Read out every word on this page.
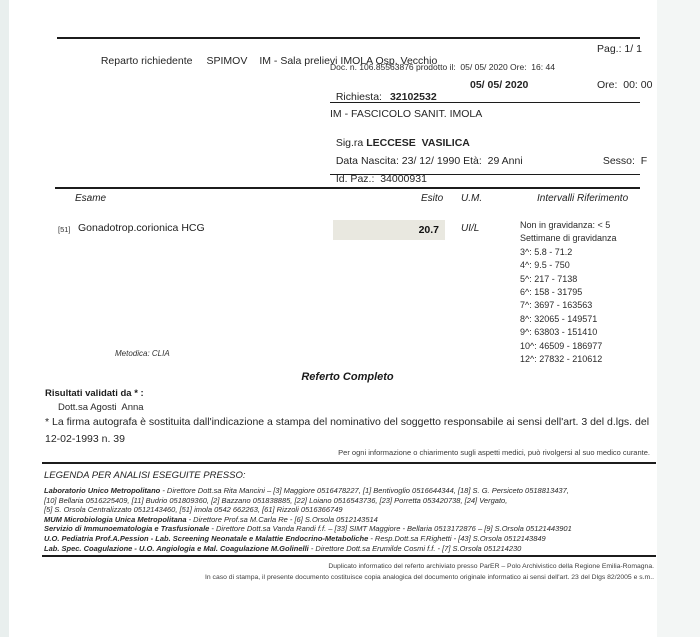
Reparto richiedente SPIMOV IM - Sala prelievi IMOLA Osp. Vecchio

Pag.: 1/ 1
Doc. n. 106.85563876 prodotto il:  05/ 05/ 2020 Ore:  16: 44

Richiesta: 32102532

05/ 05/ 2020	Ore:  00: 00
IM - FASCICOLO SANIT. IMOLA

Sig.ra LECCESE  VASILICA

Data Nascita: 23/ 12/ 1990 Età:  29 Anni	Sesso:  F

Id. Paz.:  34000931

Esame	Esito U.M.	Intervalli Riferimento
[51] Gonadotrop.corionica HCG	20.7	UI/L	Non in gravidanza: < 5
Settimane di gravidanza
3^: 5.8 - 71.2
4^: 9.5 - 750
5^: 217 - 7138
6^: 158 - 31795
7^: 3697 - 163563
8^: 32065 - 149571
9^: 63803 - 151410
10^: 46509 - 186977
12^: 27832 - 210612
Metodica: CLIA
Referto Completo
Risultati validati da * :
Dott.sa Agosti  Anna
* La firma autografa è sostituita dall'indicazione a stampa del nominativo del soggetto responsabile ai sensi dell'art. 3 del d.lgs. del
12-02-1993 n. 39
Per ogni informazione o chiarimento sugli aspetti medici, può rivolgersi al suo medico curante.
LEGENDA PER ANALISI ESEGUITE PRESSO:
Laboratorio Unico Metropolitano - Direttore Dott.sa Rita Mancini – [3] Maggiore 0516478227, [1] Bentivoglio 0516644344, [18] S. G. Persiceto 0518813437,
[10] Bellaria 0516225409, [11] Budrio 051809360, [2] Bazzano 051838885, [22] Loiano 0516543736, [23] Porretta 053420738, [24] Vergato,
[5] S. Orsola Centralizzato 0512143460, [51] imola 0542 662263, [61] Rizzoli 0516366749
MUM Microbiologia Unica Metropolitana - Direttore Prof.sa M.Carla Re - [6] S.Orsola 0512143514
Servizio di Immunoematologia e Trasfusionale - Direttore Dott.sa Vanda Randi f.f. – [33] SIMT Maggiore - Bellaria 0513172876 – [9] S.Orsola 05121443901
U.O. Pediatria Prof.A.Pession - Lab. Screening Neonatale e Malattie Endocrino-Metaboliche - Resp.Dott.sa F.Righetti - [43] S.Orsola 0512143849
Lab. Spec. Coagulazione - U.O. Angiologia e Mal. Coagulazione M.Golinelli - Direttore Dott.sa Erumilde Cosmi f.f. - [7] S.Orsola 051214230
Duplicato informatico del referto archiviato presso ParER – Polo Archivistico della Regione Emilia-Romagna.
In caso di stampa, il presente documento costituisce copia analogica del documento originale informatico ai sensi dell'art. 23 del Dlgs 82/2005 e s.m..
